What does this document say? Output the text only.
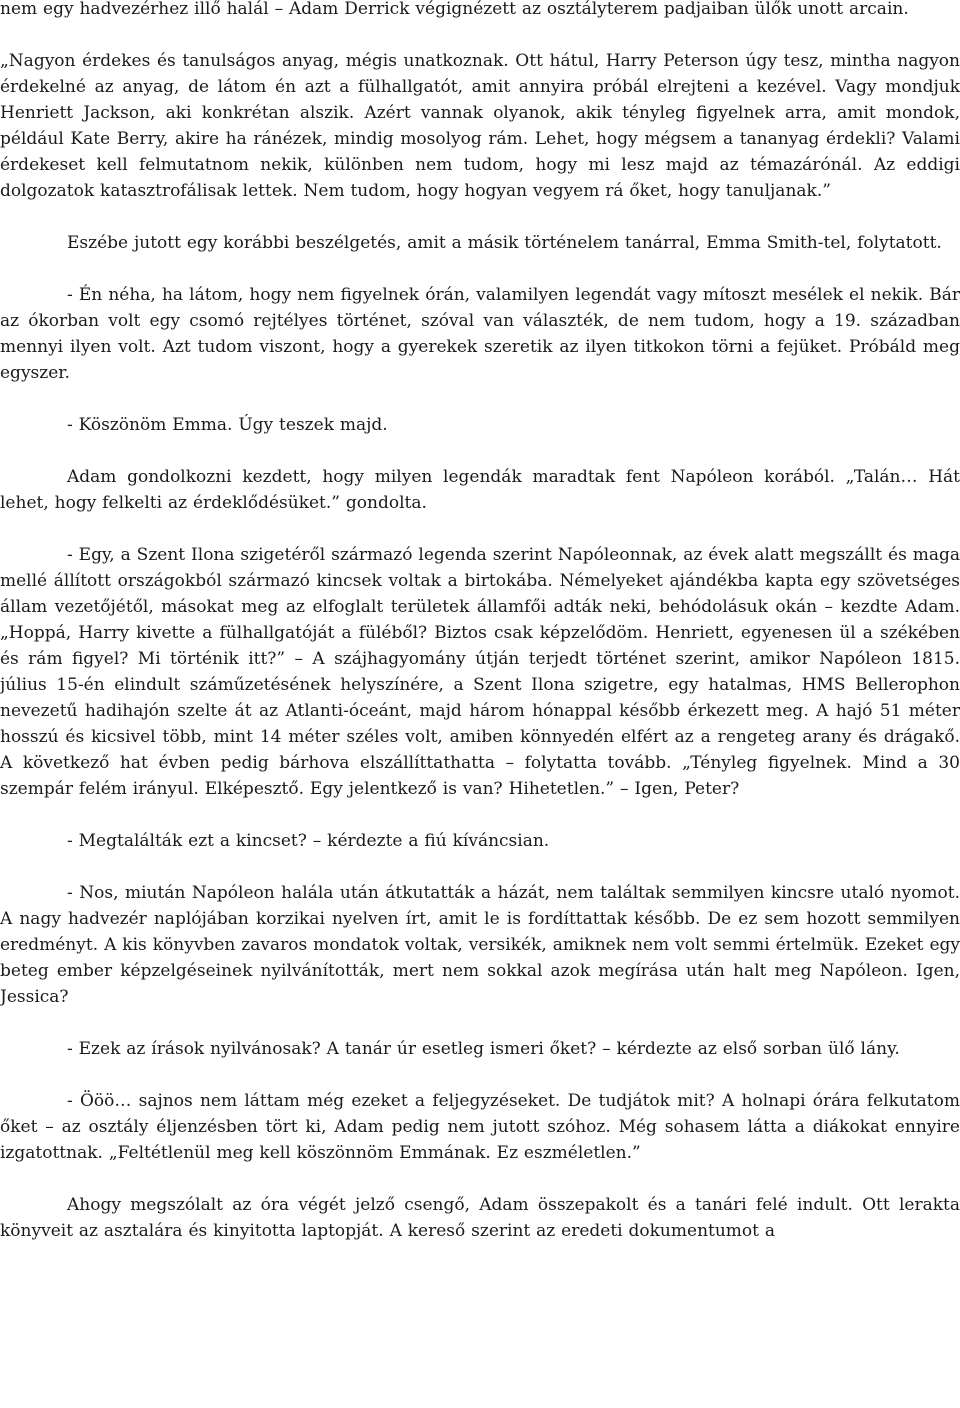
nem egy hadvezérhez illő halál – Adam Derrick végignézett az osztályterem padjaiban ülők unott arcain.

„Nagyon érdekes és tanulságos anyag, mégis unatkoznak. Ott hátul, Harry Peterson úgy tesz, mintha nagyon érdekelné az anyag, de látom én azt a fülhallgatót, amit annyira próbál elrejteni a kezével. Vagy mondjuk Henriett Jackson, aki konkrétan alszik. Azért vannak olyanok, akik tényleg figyelnek arra, amit mondok, például Kate Berry, akire ha ránézek, mindig mosolyog rám. Lehet, hogy mégsem a tananyag érdekli? Valami érdekeset kell felmutatnom nekik, különben nem tudom, hogy mi lesz majd az témazárónál. Az eddigi dolgozatok katasztrofálisak lettek. Nem tudom, hogy hogyan vegyem rá őket, hogy tanuljanak.”

Eszébe jutott egy korábbi beszélgetés, amit a másik történelem tanárral, Emma Smith-tel, folytatott.

- Én néha, ha látom, hogy nem figyelnek órán, valamilyen legendát vagy mítoszt mesélek el nekik. Bár az ókorban volt egy csomó rejtélyes történet, szóval van választék, de nem tudom, hogy a 19. században mennyi ilyen volt. Azt tudom viszont, hogy a gyerekek szeretik az ilyen titkokon törni a fejüket. Próbáld meg egyszer.

- Köszönöm Emma. Úgy teszek majd.

Adam gondolkozni kezdett, hogy milyen legendák maradtak fent Napóleon korából. „Talán… Hát lehet, hogy felkelti az érdeklődésüket.” gondolta.

- Egy, a Szent Ilona szigetéről származó legenda szerint Napóleonnak, az évek alatt megszállt és maga mellé állított országokból származó kincsek voltak a birtokába. Némelyeket ajándékba kapta egy szövetséges állam vezetőjétől, másokat meg az elfoglalt területek államfői adták neki, behódolásuk okán – kezdte Adam. „Hoppá, Harry kivette a fülhallgatóját a füléből? Biztos csak képzelődöm. Henriett, egyenesen ül a székében és rám figyel? Mi történik itt?” – A szájhagyomány útján terjedt történet szerint, amikor Napóleon 1815. július 15-én elindult száműzetésének helyszínére, a Szent Ilona szigetre, egy hatalmas, HMS Bellerophon nevezetű hadihajón szelte át az Atlanti-óceánt, majd három hónappal később érkezett meg. A hajó 51 méter hosszú és kicsivel több, mint 14 méter széles volt, amiben könnyedén elfért az a rengeteg arany és drágakő. A következő hat évben pedig bárhova elszállíttathatta – folytatta tovább. „Tényleg figyelnek. Mind a 30 szempár felém irányul. Elképesztő. Egy jelentkező is van? Hihetetlen.” – Igen, Peter?

- Megtalálták ezt a kincset? – kérdezte a fiú kíváncsian.

- Nos, miután Napóleon halála után átkutatták a házát, nem találtak semmilyen kincsre utaló nyomot. A nagy hadvezér naplójában korzikai nyelven írt, amit le is fordíttattak később. De ez sem hozott semmilyen eredményt. A kis könyvben zavaros mondatok voltak, versikék, amiknek nem volt semmi értelmük. Ezeket egy beteg ember képzelgéseinek nyilvánították, mert nem sokkal azok megírása után halt meg Napóleon. Igen, Jessica?

- Ezek az írások nyilvánosak? A tanár úr esetleg ismeri őket? – kérdezte az első sorban ülő lány.

- Ööö… sajnos nem láttam még ezeket a feljegyzéseket. De tudjátok mit? A holnapi órára felkutatom őket – az osztály éljenzésben tört ki, Adam pedig nem jutott szóhoz. Még sohasem látta a diákokat ennyire izgatottnak. „Feltétlenül meg kell köszönnöm Emmának. Ez eszméletlen.”

Ahogy megszólalt az óra végét jelző csengő, Adam összepakolt és a tanári felé indult. Ott lerakta könyveit az asztalára és kinyitotta laptopját. A kereső szerint az eredeti dokumentumot a
